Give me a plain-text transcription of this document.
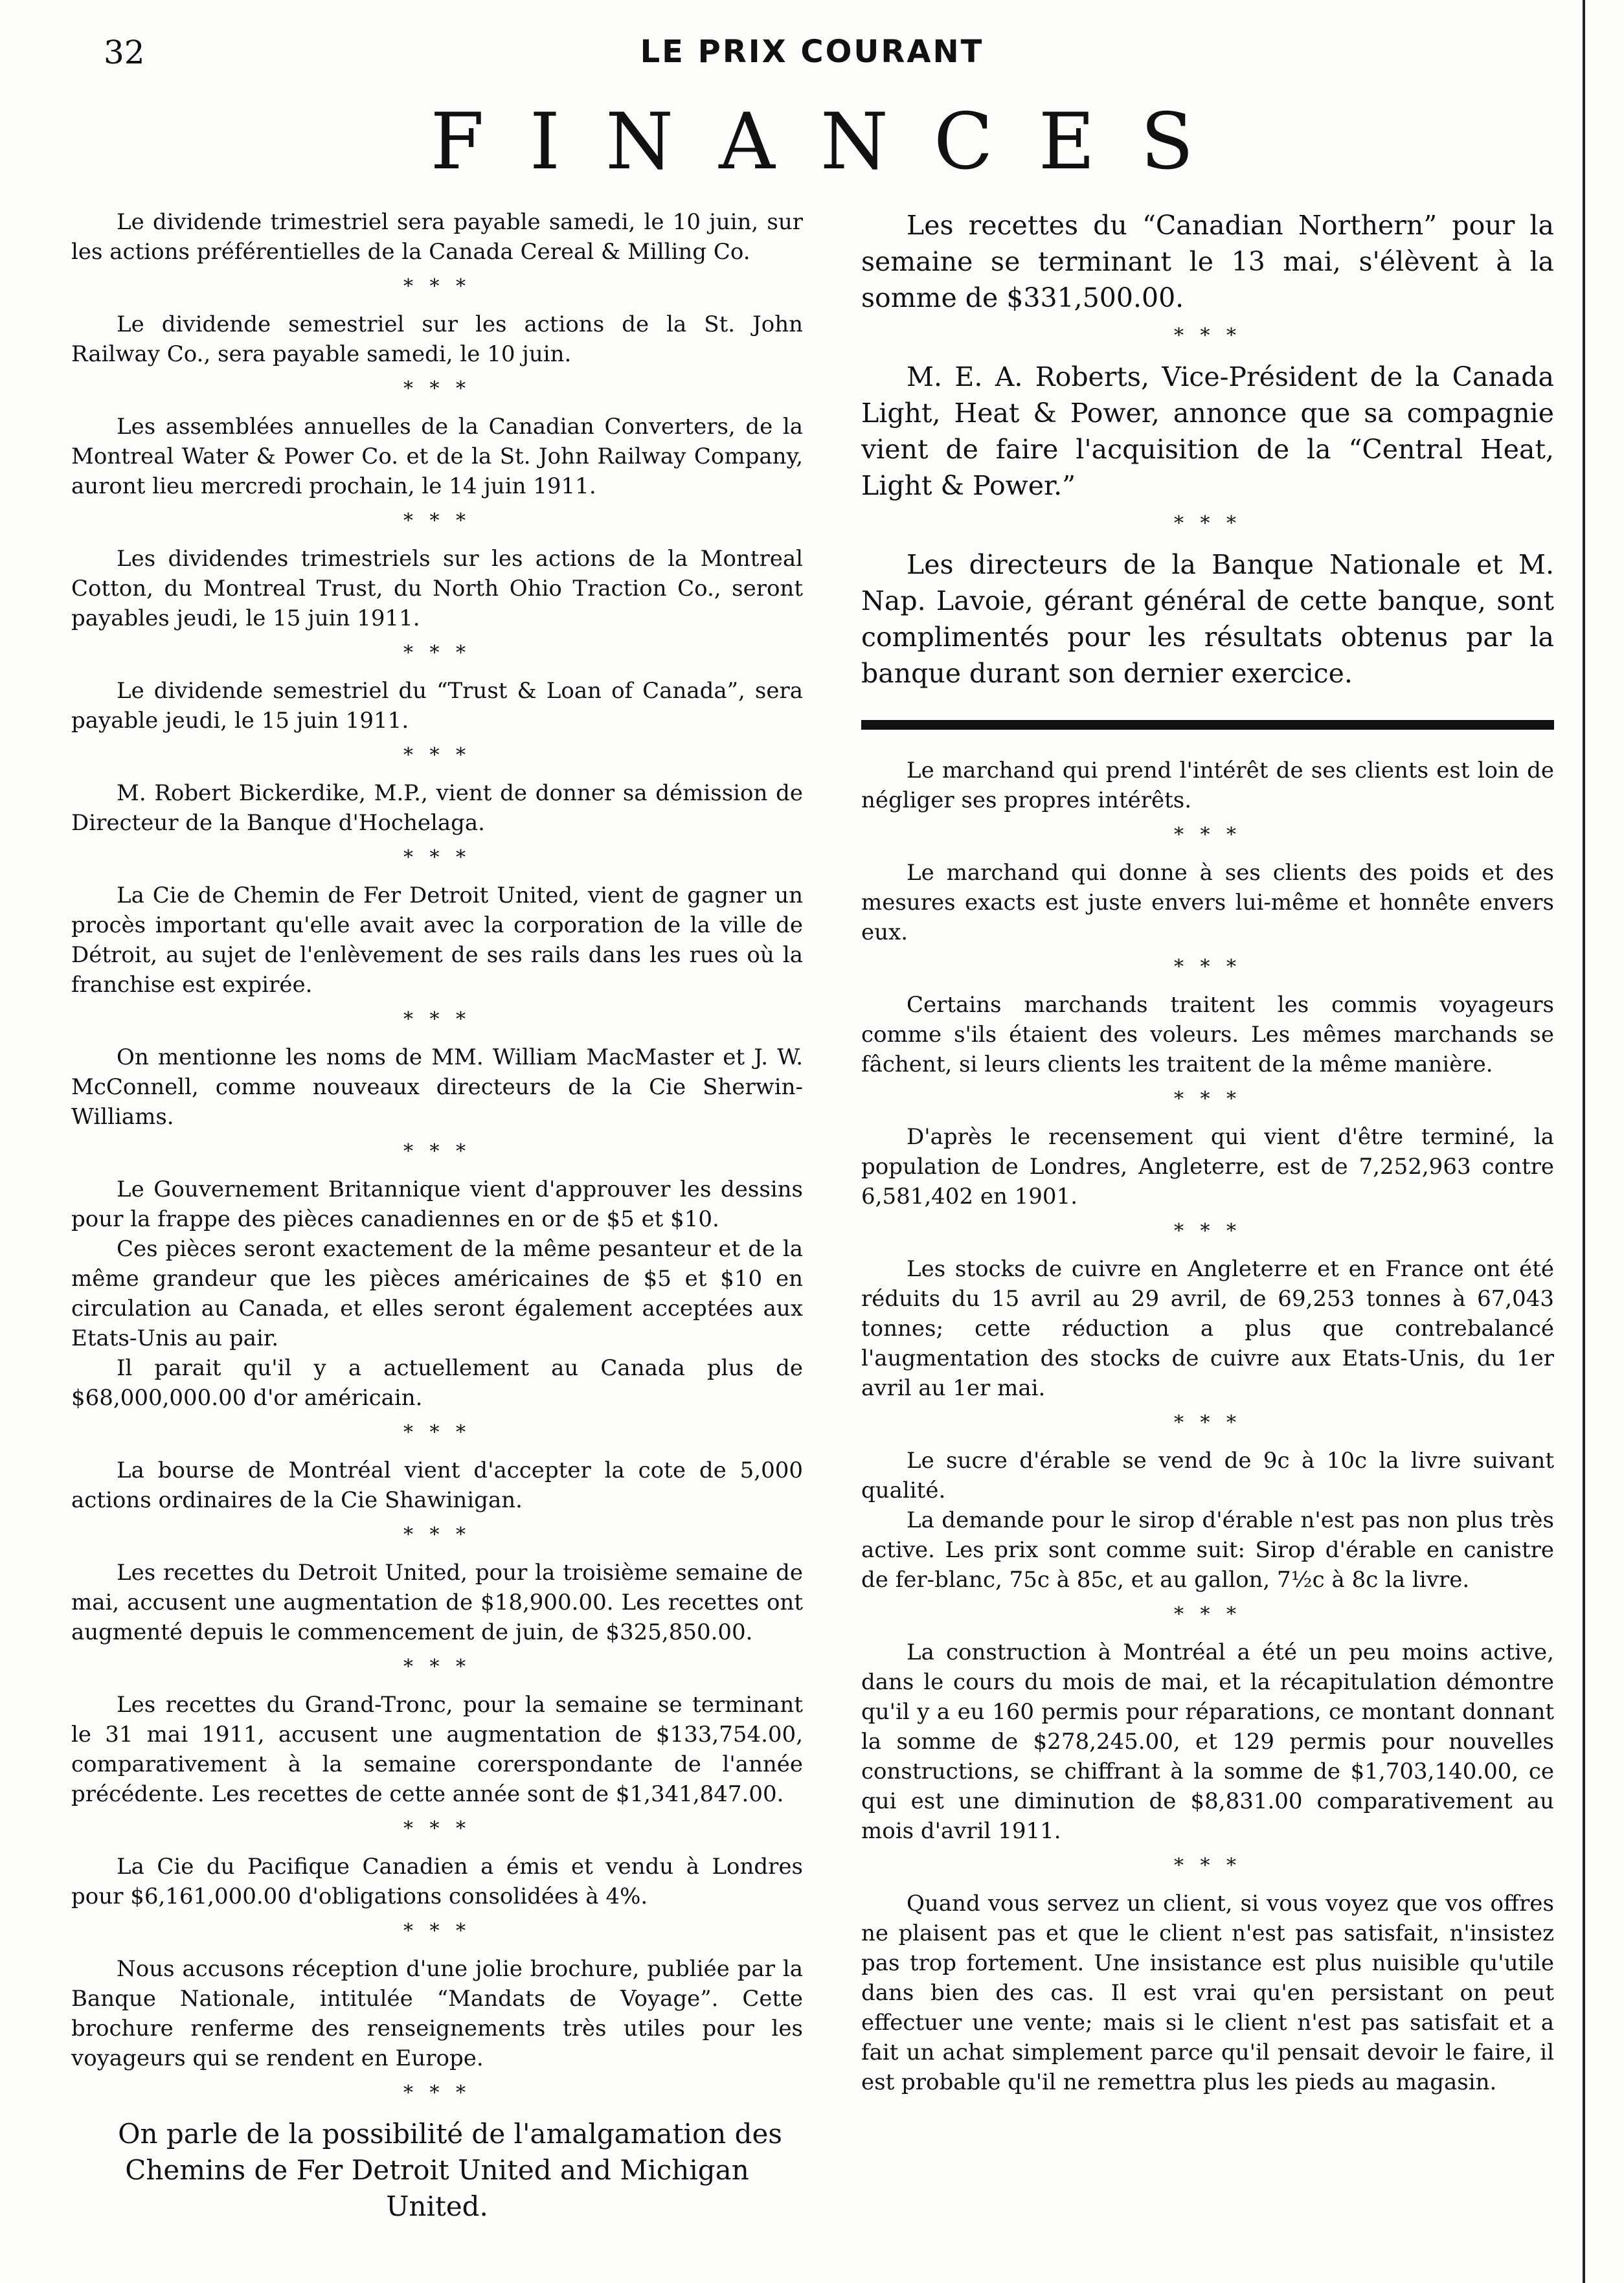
32	LE PRIX COURANT
FINANCES

Le dividende trimestriel sera payable samedi, le 10 juin, sur les actions préférentielles de la Canada Cereal & Milling Co.

* * *

Le dividende semestriel sur les actions de la St. John Railway Co., sera payable samedi, le 10 juin.

* * *

Les assemblées annuelles de la Canadian Converters, de la Montreal Water & Power Co. et de la St. John Railway Company, auront lieu mercredi prochain, le 14 juin 1911.

* * *

Les dividendes trimestriels sur les actions de la Montreal Cotton, du Montreal Trust, du North Ohio Traction Co., seront payables jeudi, le 15 juin 1911.

* * *

Le dividende semestriel du “Trust & Loan of Canada”, sera payable jeudi, le 15 juin 1911.

* * *

M. Robert Bickerdike, M.P., vient de donner sa démission de Directeur de la Banque d'Hochelaga.

* * *

La Cie de Chemin de Fer Detroit United, vient de gagner un procès important qu'elle avait avec la corporation de la ville de Détroit, au sujet de l'enlèvement de ses rails dans les rues où la franchise est expirée.

* * *

On mentionne les noms de MM. William MacMaster et J. W. McConnell, comme nouveaux directeurs de la Cie Sherwin-Williams.

* * *

Le Gouvernement Britannique vient d'approuver les dessins pour la frappe des pièces canadiennes en or de $5 et $10.

Ces pièces seront exactement de la même pesanteur et de la même grandeur que les pièces américaines de $5 et $10 en circulation au Canada, et elles seront également acceptées aux Etats-Unis au pair.

Il parait qu'il y a actuellement au Canada plus de $68,000,000.00 d'or américain.

* * *

La bourse de Montréal vient d'accepter la cote de 5,000 actions ordinaires de la Cie Shawinigan.

* * *

Les recettes du Detroit United, pour la troisième semaine de mai, accusent une augmentation de $18,900.00. Les recettes ont augmenté depuis le commencement de juin, de $325,850.00.

* * *

Les recettes du Grand-Tronc, pour la semaine se terminant le 31 mai 1911, accusent une augmentation de $133,754.00, comparativement à la semaine corerspondante de l'année précédente. Les recettes de cette année sont de $1,341,847.00.

* * *

La Cie du Pacifique Canadien a émis et vendu à Londres pour $6,161,000.00 d'obligations consolidées à 4%.

* * *

Nous accusons réception d'une jolie brochure, publiée par la Banque Nationale, intitulée “Mandats de Voyage”. Cette brochure renferme des renseignements très utiles pour les voyageurs qui se rendent en Europe.

* * *

On parle de la possibilité de l'amalgamation des Chemins de Fer Detroit United and Michigan United.

Les recettes du “Canadian Northern” pour la semaine se terminant le 13 mai, s'élèvent à la somme de $331,500.00.

* * *

M. E. A. Roberts, Vice-Président de la Canada Light, Heat & Power, annonce que sa compagnie vient de faire l'acquisition de la “Central Heat, Light & Power.”

* * *

Les directeurs de la Banque Nationale et M. Nap. Lavoie, gérant général de cette banque, sont complimentés pour les résultats obtenus par la banque durant son dernier exercice.

Le marchand qui prend l'intérêt de ses clients est loin de négliger ses propres intérêts.

* * *

Le marchand qui donne à ses clients des poids et des mesures exacts est juste envers lui-même et honnête envers eux.

* * *

Certains marchands traitent les commis voyageurs comme s'ils étaient des voleurs. Les mêmes marchands se fâchent, si leurs clients les traitent de la même manière.

* * *

D'après le recensement qui vient d'être terminé, la population de Londres, Angleterre, est de 7,252,963 contre 6,581,402 en 1901.

* * *

Les stocks de cuivre en Angleterre et en France ont été réduits du 15 avril au 29 avril, de 69,253 tonnes à 67,043 tonnes; cette réduction a plus que contrebalancé l'augmentation des stocks de cuivre aux Etats-Unis, du 1er avril au 1er mai.

* * *

Le sucre d'érable se vend de 9c à 10c la livre suivant qualité.

La demande pour le sirop d'érable n'est pas non plus très active. Les prix sont comme suit: Sirop d'érable en canistre de fer-blanc, 75c à 85c, et au gallon, 7½c à 8c la livre.

* * *

La construction à Montréal a été un peu moins active, dans le cours du mois de mai, et la récapitulation démontre qu'il y a eu 160 permis pour réparations, ce montant donnant la somme de $278,245.00, et 129 permis pour nouvelles constructions, se chiffrant à la somme de $1,703,140.00, ce qui est une diminution de $8,831.00 comparativement au mois d'avril 1911.

* * *

Quand vous servez un client, si vous voyez que vos offres ne plaisent pas et que le client n'est pas satisfait, n'insistez pas trop fortement. Une insistance est plus nuisible qu'utile dans bien des cas. Il est vrai qu'en persistant on peut effectuer une vente; mais si le client n'est pas satisfait et a fait un achat simplement parce qu'il pensait devoir le faire, il est probable qu'il ne remettra plus les pieds au magasin.
